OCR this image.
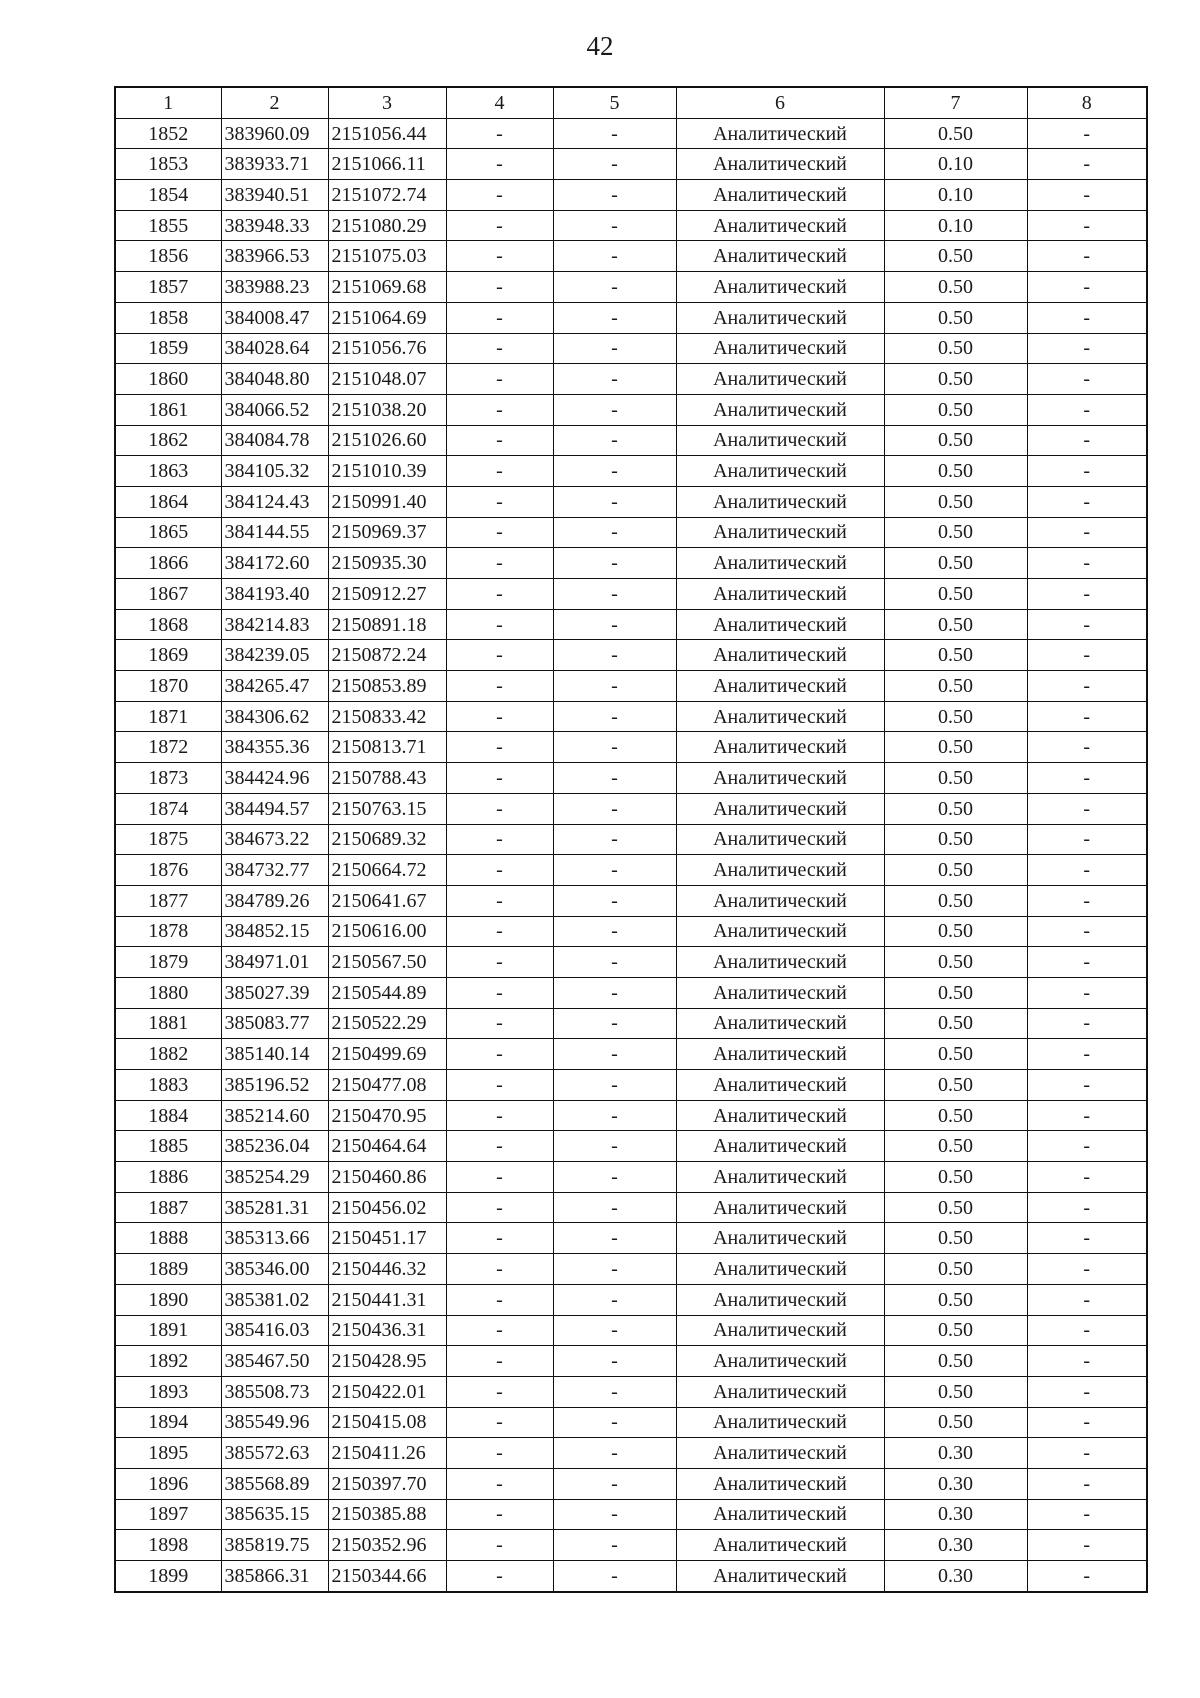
42
1	2	3	4	5	6	7	8
1852	383960.09	2151056.44	-	-	Аналитический	0.50	-
1853	383933.71	2151066.11	-	-	Аналитический	0.10	-
1854	383940.51	2151072.74	-	-	Аналитический	0.10	-
1855	383948.33	2151080.29	-	-	Аналитический	0.10	-
1856	383966.53	2151075.03	-	-	Аналитический	0.50	-
1857	383988.23	2151069.68	-	-	Аналитический	0.50	-
1858	384008.47	2151064.69	-	-	Аналитический	0.50	-
1859	384028.64	2151056.76	-	-	Аналитический	0.50	-
1860	384048.80	2151048.07	-	-	Аналитический	0.50	-
1861	384066.52	2151038.20	-	-	Аналитический	0.50	-
1862	384084.78	2151026.60	-	-	Аналитический	0.50	-
1863	384105.32	2151010.39	-	-	Аналитический	0.50	-
1864	384124.43	2150991.40	-	-	Аналитический	0.50	-
1865	384144.55	2150969.37	-	-	Аналитический	0.50	-
1866	384172.60	2150935.30	-	-	Аналитический	0.50	-
1867	384193.40	2150912.27	-	-	Аналитический	0.50	-
1868	384214.83	2150891.18	-	-	Аналитический	0.50	-
1869	384239.05	2150872.24	-	-	Аналитический	0.50	-
1870	384265.47	2150853.89	-	-	Аналитический	0.50	-
1871	384306.62	2150833.42	-	-	Аналитический	0.50	-
1872	384355.36	2150813.71	-	-	Аналитический	0.50	-
1873	384424.96	2150788.43	-	-	Аналитический	0.50	-
1874	384494.57	2150763.15	-	-	Аналитический	0.50	-
1875	384673.22	2150689.32	-	-	Аналитический	0.50	-
1876	384732.77	2150664.72	-	-	Аналитический	0.50	-
1877	384789.26	2150641.67	-	-	Аналитический	0.50	-
1878	384852.15	2150616.00	-	-	Аналитический	0.50	-
1879	384971.01	2150567.50	-	-	Аналитический	0.50	-
1880	385027.39	2150544.89	-	-	Аналитический	0.50	-
1881	385083.77	2150522.29	-	-	Аналитический	0.50	-
1882	385140.14	2150499.69	-	-	Аналитический	0.50	-
1883	385196.52	2150477.08	-	-	Аналитический	0.50	-
1884	385214.60	2150470.95	-	-	Аналитический	0.50	-
1885	385236.04	2150464.64	-	-	Аналитический	0.50	-
1886	385254.29	2150460.86	-	-	Аналитический	0.50	-
1887	385281.31	2150456.02	-	-	Аналитический	0.50	-
1888	385313.66	2150451.17	-	-	Аналитический	0.50	-
1889	385346.00	2150446.32	-	-	Аналитический	0.50	-
1890	385381.02	2150441.31	-	-	Аналитический	0.50	-
1891	385416.03	2150436.31	-	-	Аналитический	0.50	-
1892	385467.50	2150428.95	-	-	Аналитический	0.50	-
1893	385508.73	2150422.01	-	-	Аналитический	0.50	-
1894	385549.96	2150415.08	-	-	Аналитический	0.50	-
1895	385572.63	2150411.26	-	-	Аналитический	0.30	-
1896	385568.89	2150397.70	-	-	Аналитический	0.30	-
1897	385635.15	2150385.88	-	-	Аналитический	0.30	-
1898	385819.75	2150352.96	-	-	Аналитический	0.30	-
1899	385866.31	2150344.66	-	-	Аналитический	0.30	-
